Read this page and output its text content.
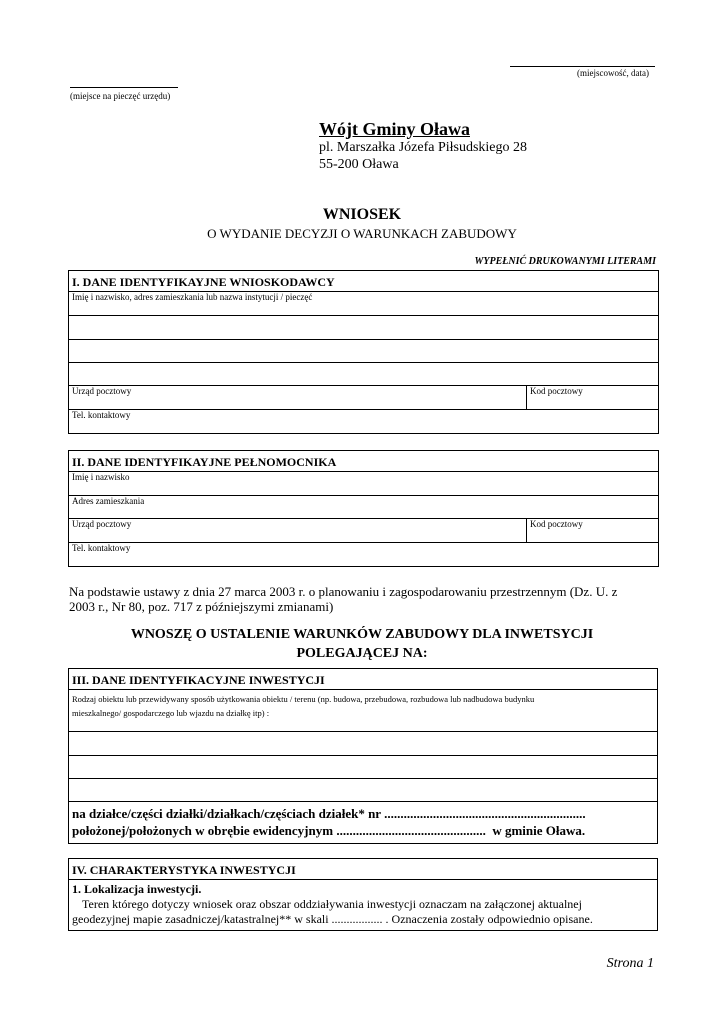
(miejscowość, data)
(miejsce na pieczęć urzędu)
Wójt Gminy Oława
pl. Marszałka Józefa Piłsudskiego 28
55-200 Oława
WNIOSEK
O WYDANIE DECYZJI O WARUNKACH ZABUDOWY
WYPEŁNIĆ DRUKOWANYMI LITERAMI
I. DANE IDENTYFIKAYJNE WNIOSKODAWCY
Imię i nazwisko, adres zamieszkania lub nazwa instytucji / pieczęć

Urząd pocztowy	Kod pocztowy
Tel. kontaktowy
II. DANE IDENTYFIKAYJNE PEŁNOMOCNIKA
Imię i nazwisko
Adres zamieszkania
Urząd pocztowy	Kod pocztowy
Tel. kontaktowy
Na podstawie ustawy z dnia 27 marca 2003 r. o planowaniu i zagospodarowaniu przestrzennym (Dz. U. z
2003 r., Nr 80, poz. 717 z późniejszymi zmianami)
WNOSZĘ O USTALENIE WARUNKÓW ZABUDOWY DLA INWETSYCJI
POLEGAJĄCEJ NA:
III. DANE IDENTYFIKACYJNE INWESTYCJI
Rodzaj obiektu lub przewidywany sposób użytkowania obiektu / terenu (np. budowa, przebudowa, rozbudowa lub nadbudowa budynku
mieszkalnego/ gospodarczego lub wjazdu na działkę itp) :

na działce/części działki/działkach/częściach działek* nr ..............................................................
położonej/położonych w obrębie ewidencyjnym .............................................. w gminie Oława.
IV. CHARAKTERYSTYKA INWESTYCJI
1. Lokalizacja inwestycji.
Teren którego dotyczy wniosek oraz obszar oddziaływania inwestycji oznaczam na załączonej aktualnej
geodezyjnej mapie zasadniczej/katastralnej** w skali ................. . Oznaczenia zostały odpowiednio opisane.
Strona 1
